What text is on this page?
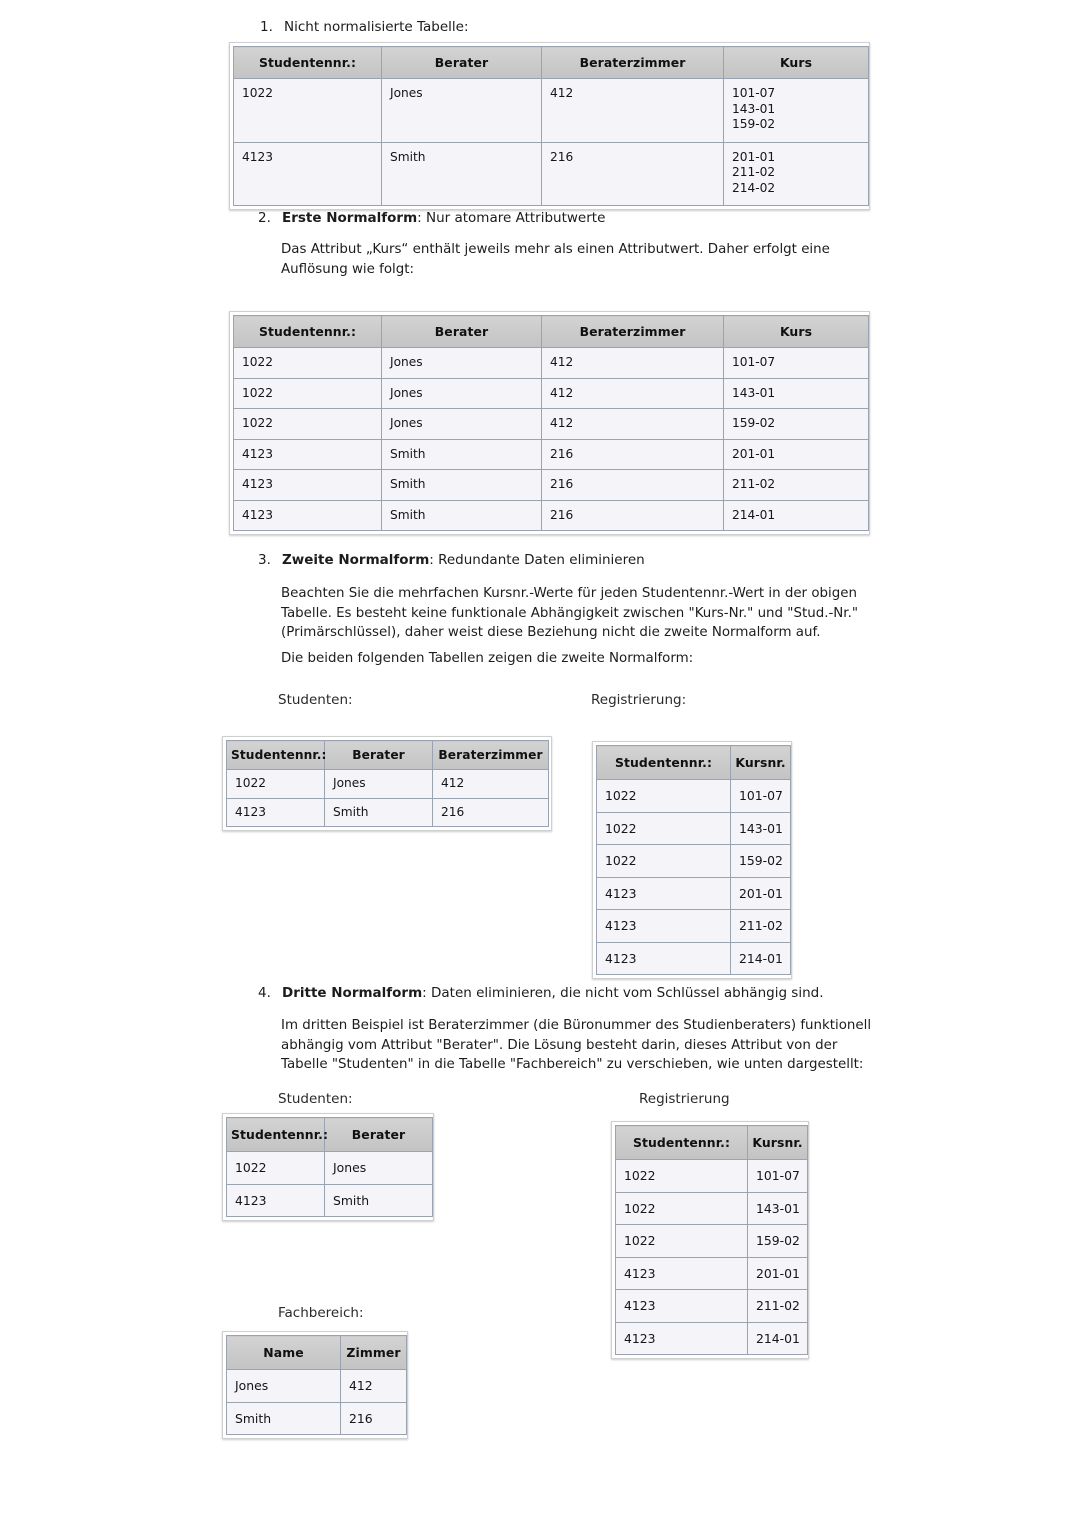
1. Nicht normalisierte Tabelle:
Studentennr.:	Berater	Beraterzimmer	Kurs
1022	Jones	412	101-07
143-01
159-02

4123	Smith	216	201-01
211-02
214-02
2. Erste Normalform: Nur atomare Attributwerte
Das Attribut „Kurs“ enthält jeweils mehr als einen Attributwert. Daher erfolgt eine Auflösung wie folgt:
Studentennr.:	Berater	Beraterzimmer	Kurs
1022	Jones	412	101-07
1022	Jones	412	143-01
1022	Jones	412	159-02
4123	Smith	216	201-01
4123	Smith	216	211-02
4123	Smith	216	214-01
3. Zweite Normalform: Redundante Daten eliminieren
Beachten Sie die mehrfachen Kursnr.-Werte für jeden Studentennr.-Wert in der obigen Tabelle. Es besteht keine funktionale Abhängigkeit zwischen "Kurs-Nr." und "Stud.-Nr." (Primärschlüssel), daher weist diese Beziehung nicht die zweite Normalform auf.
Die beiden folgenden Tabellen zeigen die zweite Normalform:
Studenten:	Registrierung:
Studentennr.:	Berater	Beraterzimmer
1022	Jones	412
4123	Smith	216
Studentennr.:	Kursnr.
1022	101-07
1022	143-01
1022	159-02
4123	201-01
4123	211-02
4123	214-01
4. Dritte Normalform: Daten eliminieren, die nicht vom Schlüssel abhängig sind.
Im dritten Beispiel ist Beraterzimmer (die Büronummer des Studienberaters) funktionell abhängig vom Attribut "Berater". Die Lösung besteht darin, dieses Attribut von der Tabelle "Studenten" in die Tabelle "Fachbereich" zu verschieben, wie unten dargestellt:
Studenten:	Registrierung
Studentennr.:	Berater
1022	Jones
4123	Smith
Studentennr.:	Kursnr.
1022	101-07
1022	143-01
1022	159-02
4123	201-01
4123	211-02
4123	214-01
Fachbereich:
Name	Zimmer
Jones	412
Smith	216
